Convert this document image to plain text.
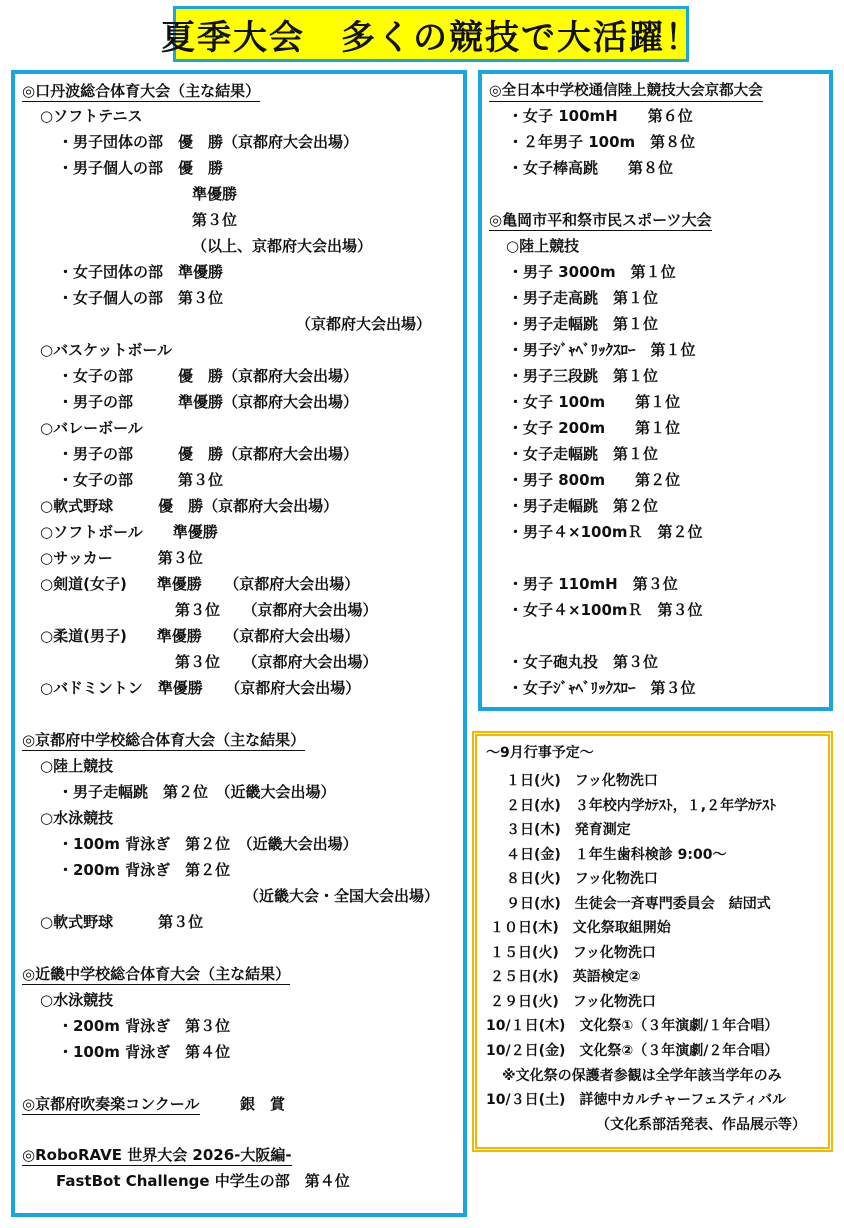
夏季大会　多くの競技で大活躍！
◎口丹波総合体育大会（主な結果）
○ソフトテニス
・男子団体の部　優　勝（京都府大会出場）
・男子個人の部　優　勝
準優勝
第３位
（以上、京都府大会出場）
・女子団体の部　準優勝
・女子個人の部　第３位
（京都府大会出場）
○バスケットボール
・女子の部　　　優　勝（京都府大会出場）
・男子の部　　　準優勝（京都府大会出場）
○バレーボール
・男子の部　　　優　勝（京都府大会出場）
・女子の部　　　第３位
○軟式野球　　　優　勝（京都府大会出場）
○ソフトボール　　準優勝
○サッカー　　　第３位
○剣道(女子)　　準優勝　　（京都府大会出場）
第３位　　（京都府大会出場）
○柔道(男子)　　準優勝　　（京都府大会出場）
第３位　　（京都府大会出場）
○バドミントン　準優勝　　（京都府大会出場）
◎京都府中学校総合体育大会（主な結果）
○陸上競技
・男子走幅跳　第２位　（近畿大会出場）
○水泳競技
・100m 背泳ぎ　第２位　（近畿大会出場）
・200m 背泳ぎ　第２位
（近畿大会・全国大会出場）
○軟式野球　　　第３位
◎近畿中学校総合体育大会（主な結果）
○水泳競技
・200m 背泳ぎ　第３位
・100m 背泳ぎ　第４位
◎京都府吹奏楽コンクール	銀　賞
◎RoboRAVE 世界大会 2026-大阪編-
FastBot Challenge 中学生の部　第４位
◎全日本中学校通信陸上競技大会京都大会
・女子 100mH　　第６位
・２年男子 100m　第８位
・女子棒高跳　　第８位
◎亀岡市平和祭市民スポーツ大会
○陸上競技
・男子 3000m　第１位
・男子走高跳　第１位
・男子走幅跳　第１位
・男子ｼﾞｬﾍﾞﾘｯｸｽﾛｰ　第１位
・男子三段跳　第１位
・女子 100m　　第１位
・女子 200m　　第１位
・女子走幅跳　第１位
・男子 800m　　第２位
・男子走幅跳　第２位
・男子４×100mＲ　第２位
・男子 110mH　第３位
・女子４×100mＲ　第３位
・女子砲丸投　第３位
・女子ｼﾞｬﾍﾞﾘｯｸｽﾛｰ　第３位
～9月行事予定～
１日(火)　フッ化物洗口
２日(水)　３年校内学ｶﾃｽﾄ，１,２年学ｶﾃｽﾄ
３日(木)　発育測定
４日(金)　１年生歯科検診 9:00～
８日(火)　フッ化物洗口
９日(水)　生徒会一斉専門委員会　結団式
１０日(木)　文化祭取組開始
１５日(火)　フッ化物洗口
２５日(水)　英語検定②
２９日(火)　フッ化物洗口
10/１日(木)　文化祭①（３年演劇/１年合唱）
10/２日(金)　文化祭②（３年演劇/２年合唱）
※文化祭の保護者参観は全学年該当学年のみ
10/３日(土)　詳徳中カルチャーフェスティバル
（文化系部活発表、作品展示等）
